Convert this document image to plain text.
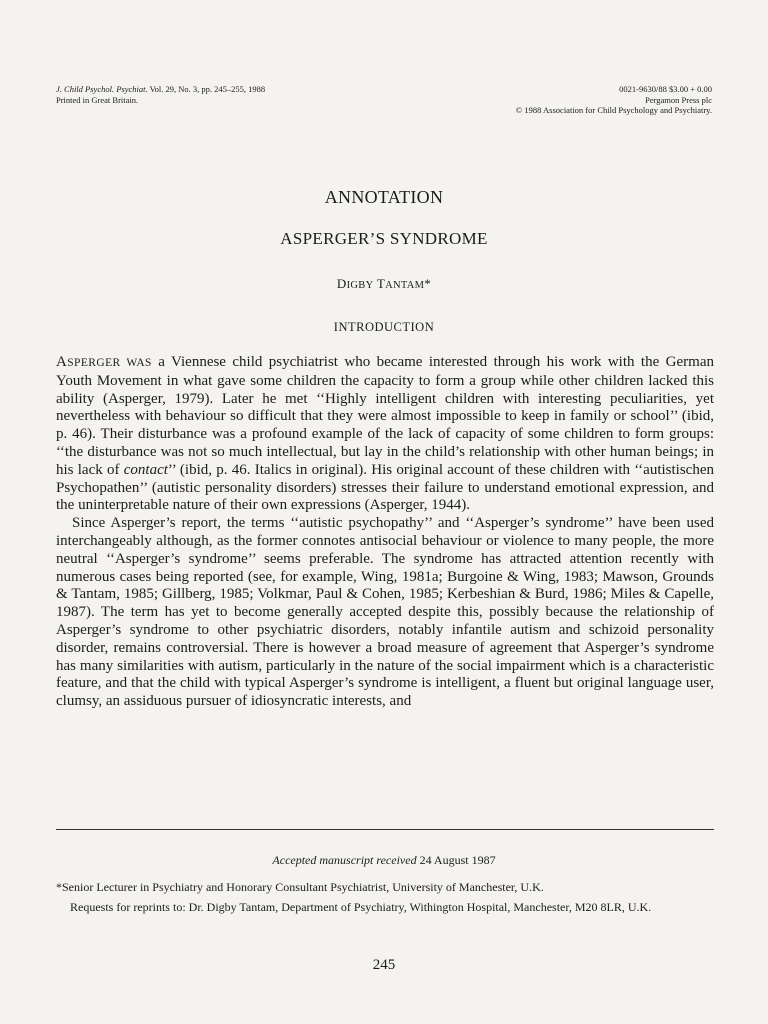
J. Child Psychol. Psychiat. Vol. 29, No. 3, pp. 245–255, 1988
Printed in Great Britain.
0021-9630/88 $3.00 + 0.00
Pergamon Press plc
© 1988 Association for Child Psychology and Psychiatry.
ANNOTATION
ASPERGER’S SYNDROME
DIGBY TANTAM*
INTRODUCTION

ASPERGER WAS a Viennese child psychiatrist who became interested through his work with the German Youth Movement in what gave some children the capacity to form a group while other children lacked this ability (Asperger, 1979). Later he met ‘‘Highly intelligent children with interesting peculiarities, yet nevertheless with behaviour so difficult that they were almost impossible to keep in family or school’’ (ibid, p. 46). Their disturbance was a profound example of the lack of capacity of some children to form groups: ‘‘the disturbance was not so much intellectual, but lay in the child’s relationship with other human beings; in his lack of contact’’ (ibid, p. 46. Italics in original). His original account of these children with ‘‘autistischen Psychopathen’’ (autistic personality disorders) stresses their failure to understand emotional expression, and the uninterpretable nature of their own expressions (Asperger, 1944).

Since Asperger’s report, the terms ‘‘autistic psychopathy’’ and ‘‘Asperger’s syndrome’’ have been used interchangeably although, as the former connotes antisocial behaviour or violence to many people, the more neutral ‘‘Asperger’s syndrome’’ seems preferable. The syndrome has attracted attention recently with numerous cases being reported (see, for example, Wing, 1981a; Burgoine & Wing, 1983; Mawson, Grounds & Tantam, 1985; Gillberg, 1985; Volkmar, Paul & Cohen, 1985; Kerbeshian & Burd, 1986; Miles & Capelle, 1987). The term has yet to become generally accepted despite this, possibly because the relationship of Asperger’s syndrome to other psychiatric disorders, notably infantile autism and schizoid personality disorder, remains controversial. There is however a broad measure of agreement that Asperger’s syndrome has many similarities with autism, particularly in the nature of the social impairment which is a characteristic feature, and that the child with typical Asperger’s syndrome is intelligent, a fluent but original language user, clumsy, an assiduous pursuer of idiosyncratic interests, and

Accepted manuscript received 24 August 1987

*Senior Lecturer in Psychiatry and Honorary Consultant Psychiatrist, University of Manchester, U.K.

Requests for reprints to: Dr. Digby Tantam, Department of Psychiatry, Withington Hospital, Manchester, M20 8LR, U.K.

245
